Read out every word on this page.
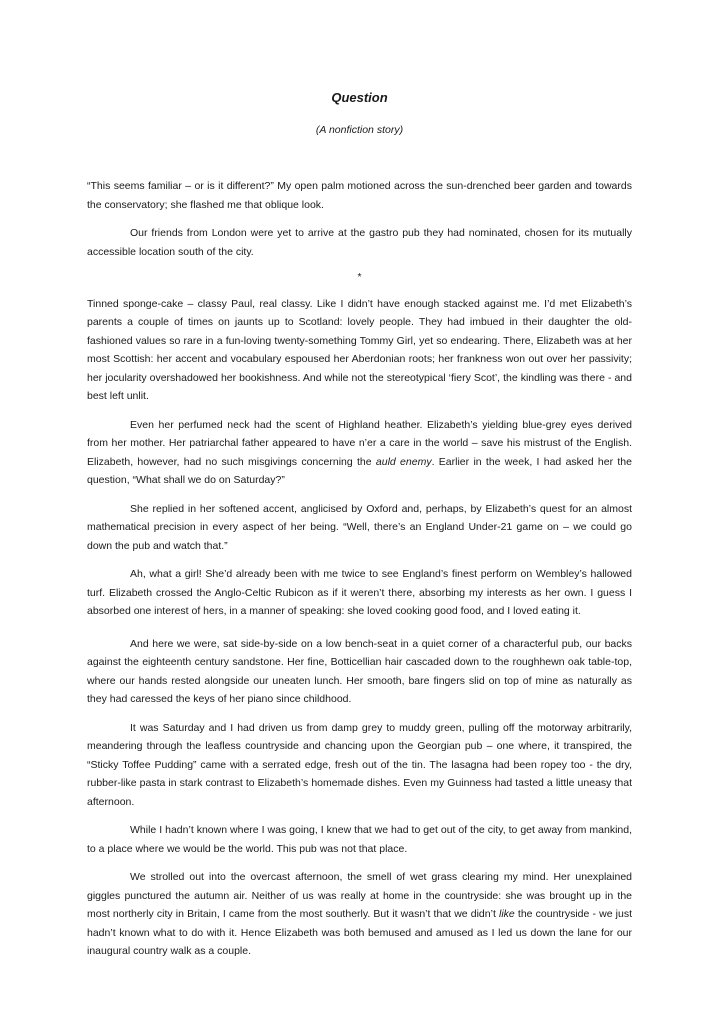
Question
(A nonfiction story)

“This seems familiar – or is it different?” My open palm motioned across the sun-drenched beer garden and towards the conservatory; she flashed me that oblique look.

Our friends from London were yet to arrive at the gastro pub they had nominated, chosen for its mutually accessible location south of the city.

*

Tinned sponge-cake – classy Paul, real classy. Like I didn’t have enough stacked against me. I’d met Elizabeth’s parents a couple of times on jaunts up to Scotland: lovely people. They had imbued in their daughter the old-fashioned values so rare in a fun-loving twenty-something Tommy Girl, yet so endearing. There, Elizabeth was at her most Scottish: her accent and vocabulary espoused her Aberdonian roots; her frankness won out over her passivity; her jocularity overshadowed her bookishness. And while not the stereotypical ‘fiery Scot’, the kindling was there - and best left unlit.

Even her perfumed neck had the scent of Highland heather. Elizabeth’s yielding blue-grey eyes derived from her mother. Her patriarchal father appeared to have n’er a care in the world – save his mistrust of the English. Elizabeth, however, had no such misgivings concerning the auld enemy. Earlier in the week, I had asked her the question, “What shall we do on Saturday?”

She replied in her softened accent, anglicised by Oxford and, perhaps, by Elizabeth’s quest for an almost mathematical precision in every aspect of her being. “Well, there’s an England Under-21 game on – we could go down the pub and watch that.”

Ah, what a girl! She’d already been with me twice to see England’s finest perform on Wembley’s hallowed turf. Elizabeth crossed the Anglo-Celtic Rubicon as if it weren’t there, absorbing my interests as her own. I guess I absorbed one interest of hers, in a manner of speaking: she loved cooking good food, and I loved eating it.

And here we were, sat side-by-side on a low bench-seat in a quiet corner of a characterful pub, our backs against the eighteenth century sandstone. Her fine, Botticellian hair cascaded down to the roughhewn oak table-top, where our hands rested alongside our uneaten lunch. Her smooth, bare fingers slid on top of mine as naturally as they had caressed the keys of her piano since childhood.

It was Saturday and I had driven us from damp grey to muddy green, pulling off the motorway arbitrarily, meandering through the leafless countryside and chancing upon the Georgian pub – one where, it transpired, the “Sticky Toffee Pudding” came with a serrated edge, fresh out of the tin. The lasagna had been ropey too - the dry, rubber-like pasta in stark contrast to Elizabeth’s homemade dishes. Even my Guinness had tasted a little uneasy that afternoon.

While I hadn’t known where I was going, I knew that we had to get out of the city, to get away from mankind, to a place where we would be the world. This pub was not that place.

We strolled out into the overcast afternoon, the smell of wet grass clearing my mind. Her unexplained giggles punctured the autumn air. Neither of us was really at home in the countryside: she was brought up in the most northerly city in Britain, I came from the most southerly. But it wasn’t that we didn’t like the countryside - we just hadn’t known what to do with it. Hence Elizabeth was both bemused and amused as I led us down the lane for our inaugural country walk as a couple.
